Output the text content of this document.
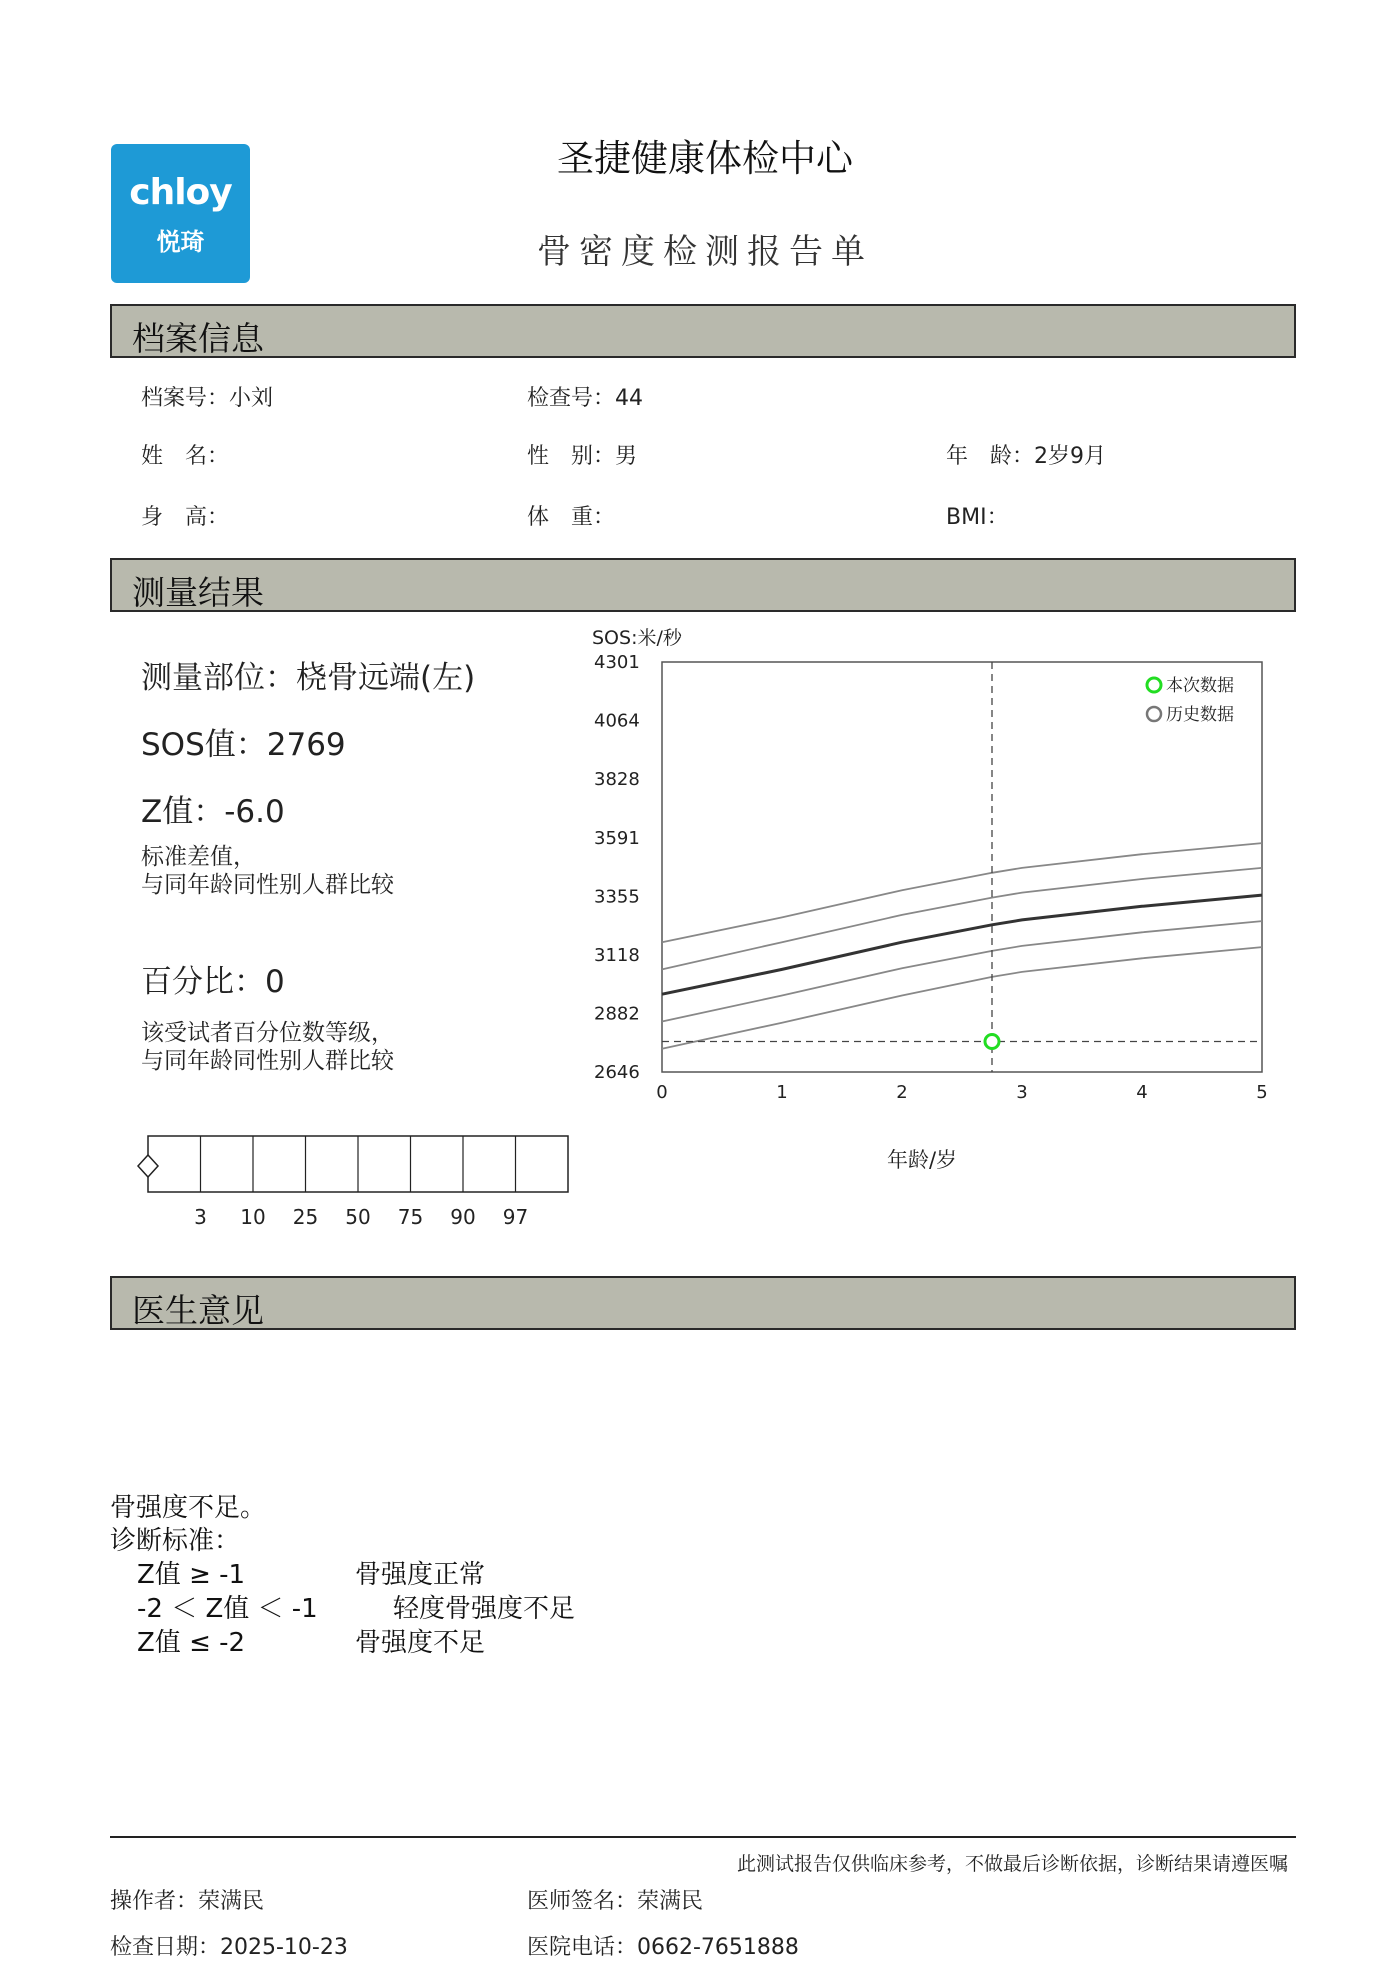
chloy
悦琦
圣捷健康体检中心
骨密度检测报告单
档案信息
档案号：小刘	检查号：44
姓　名：	性　别：男	年　龄：2岁9月
身　高：	体　重：	BMI：
测量结果
测量部位：桡骨远端(左)
SOS值：2769
Z值：-6.0
标准差值，
与同年龄同性别人群比较
百分比：0
该受试者百分位数等级，
与同年龄同性别人群比较
3 10 25 50 75 90 97
SOS:米/秒
4301
4064
3828
3591
3355
3118
2882
2646
0	1	2	3	4	5
年龄/岁
本次数据
历史数据
医生意见
骨强度不足。
诊断标准：
Z值 ≥ -1	骨强度正常
-2 ＜ Z值 ＜ -1	轻度骨强度不足
Z值 ≤ -2	骨强度不足
此测试报告仅供临床参考，不做最后诊断依据，诊断结果请遵医嘱
操作者：荣满民	医师签名：荣满民
检查日期：2025-10-23	医院电话：0662-7651888
